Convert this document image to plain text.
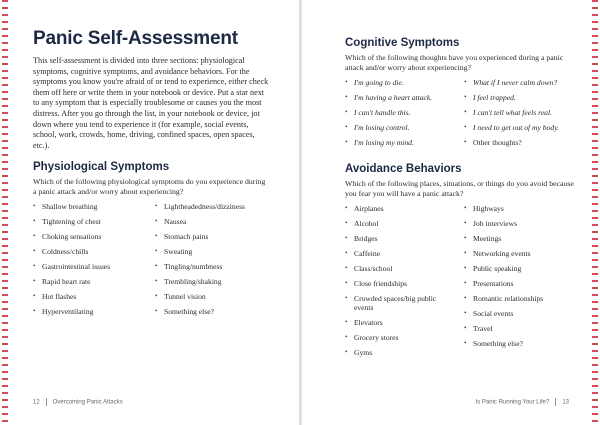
Panic Self-Assessment

This self-assessment is divided into three sections: physiological symptoms, cognitive symptoms, and avoidance behaviors. For the symptoms you know you're afraid of or tend to experience, either check them off here or write them in your notebook or device. Put a star next to any symptom that is especially troublesome or causes you the most distress. After you go through the list, in your notebook or device, jot down where you tend to experience it (for example, social events, school, work, crowds, home, driving, confined spaces, open spaces, etc.).

Physiological Symptoms

Which of the following physiological symptoms do you experience during a panic attack and/or worry about experiencing?

• Shallow breathing
• Tightening of chest
• Choking sensations
• Coldness/chills
• Gastrointestinal issues
• Rapid heart rate
• Hot flashes
• Hyperventilating
• Lightheadedness/dizziness
• Nausea
• Stomach pains
• Sweating
• Tingling/numbness
• Trembling/shaking
• Tunnel vision
• Something else?
12 Overcoming Panic Attacks
Cognitive Symptoms

Which of the following thoughts have you experienced during a panic attack and/or worry about experiencing?

• I'm going to die.
• I'm having a heart attack.
• I can't handle this.
• I'm losing control.
• I'm losing my mind.
• What if I never calm down?
• I feel trapped.
• I can't tell what feels real.
• I need to get out of my body.
• Other thoughts?
Avoidance Behaviors

Which of the following places, situations, or things do you avoid because you fear you will have a panic attack?

• Airplanes
• Alcohol
• Bridges
• Caffeine
• Class/school
• Close friendships
• Crowded spaces/big public events
• Elevators
• Grocery stores
• Gyms
• Highways
• Job interviews
• Meetings
• Networking events
• Public speaking
• Presentations
• Romantic relationships
• Social events
• Travel
• Something else?
Is Panic Running Your Life? 13
